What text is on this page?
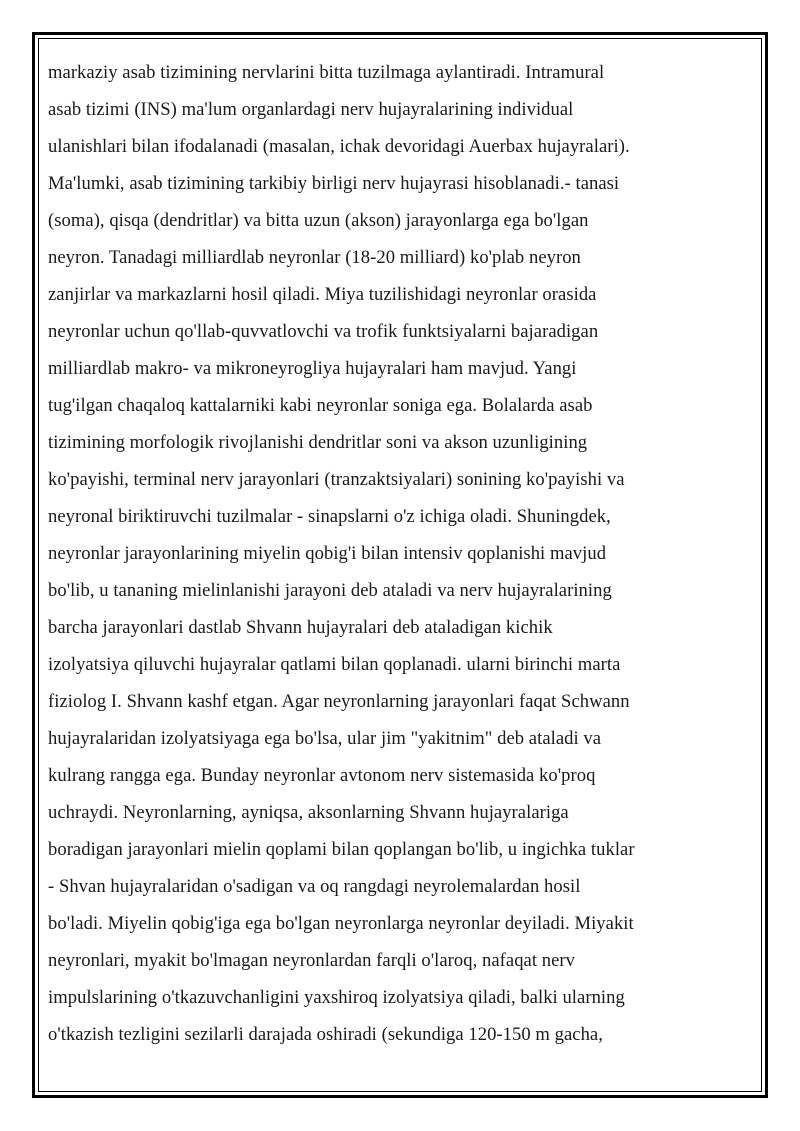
markaziy asab tizimining nervlarini bitta tuzilmaga aylantiradi. Intramural
asab tizimi (INS) ma'lum organlardagi nerv hujayralarining individual
ulanishlari bilan ifodalanadi (masalan, ichak devoridagi Auerbax hujayralari).
Ma'lumki, asab tizimining tarkibiy birligi nerv hujayrasi hisoblanadi.- tanasi
(soma), qisqa (dendritlar) va bitta uzun (akson) jarayonlarga ega bo'lgan
neyron. Tanadagi milliardlab neyronlar (18-20 milliard) ko'plab neyron
zanjirlar va markazlarni hosil qiladi. Miya tuzilishidagi neyronlar orasida
neyronlar uchun qo'llab-quvvatlovchi va trofik funktsiyalarni bajaradigan
milliardlab makro- va mikroneyrogliya hujayralari ham mavjud. Yangi
tug'ilgan chaqaloq kattalarniki kabi neyronlar soniga ega. Bolalarda asab
tizimining morfologik rivojlanishi dendritlar soni va akson uzunligining
ko'payishi, terminal nerv jarayonlari (tranzaktsiyalari) sonining ko'payishi va
neyronal biriktiruvchi tuzilmalar - sinapslarni o'z ichiga oladi. Shuningdek,
neyronlar jarayonlarining miyelin qobig'i bilan intensiv qoplanishi mavjud
bo'lib, u tananing mielinlanishi jarayoni deb ataladi va nerv hujayralarining
barcha jarayonlari dastlab Shvann hujayralari deb ataladigan kichik
izolyatsiya qiluvchi hujayralar qatlami bilan qoplanadi. ularni birinchi marta
fiziolog I. Shvann kashf etgan. Agar neyronlarning jarayonlari faqat Schwann
hujayralaridan izolyatsiyaga ega bo'lsa, ular jim "yakitnim" deb ataladi va
kulrang rangga ega. Bunday neyronlar avtonom nerv sistemasida ko'proq
uchraydi. Neyronlarning, ayniqsa, aksonlarning Shvann hujayralariga
boradigan jarayonlari mielin qoplami bilan qoplangan bo'lib, u ingichka tuklar
- Shvan hujayralaridan o'sadigan va oq rangdagi neyrolemalardan hosil
bo'ladi. Miyelin qobig'iga ega bo'lgan neyronlarga neyronlar deyiladi. Miyakit
neyronlari, myakit bo'lmagan neyronlardan farqli o'laroq, nafaqat nerv
impulslarining o'tkazuvchanligini yaxshiroq izolyatsiya qiladi, balki ularning
o'tkazish tezligini sezilarli darajada oshiradi (sekundiga 120-150 m gacha,
